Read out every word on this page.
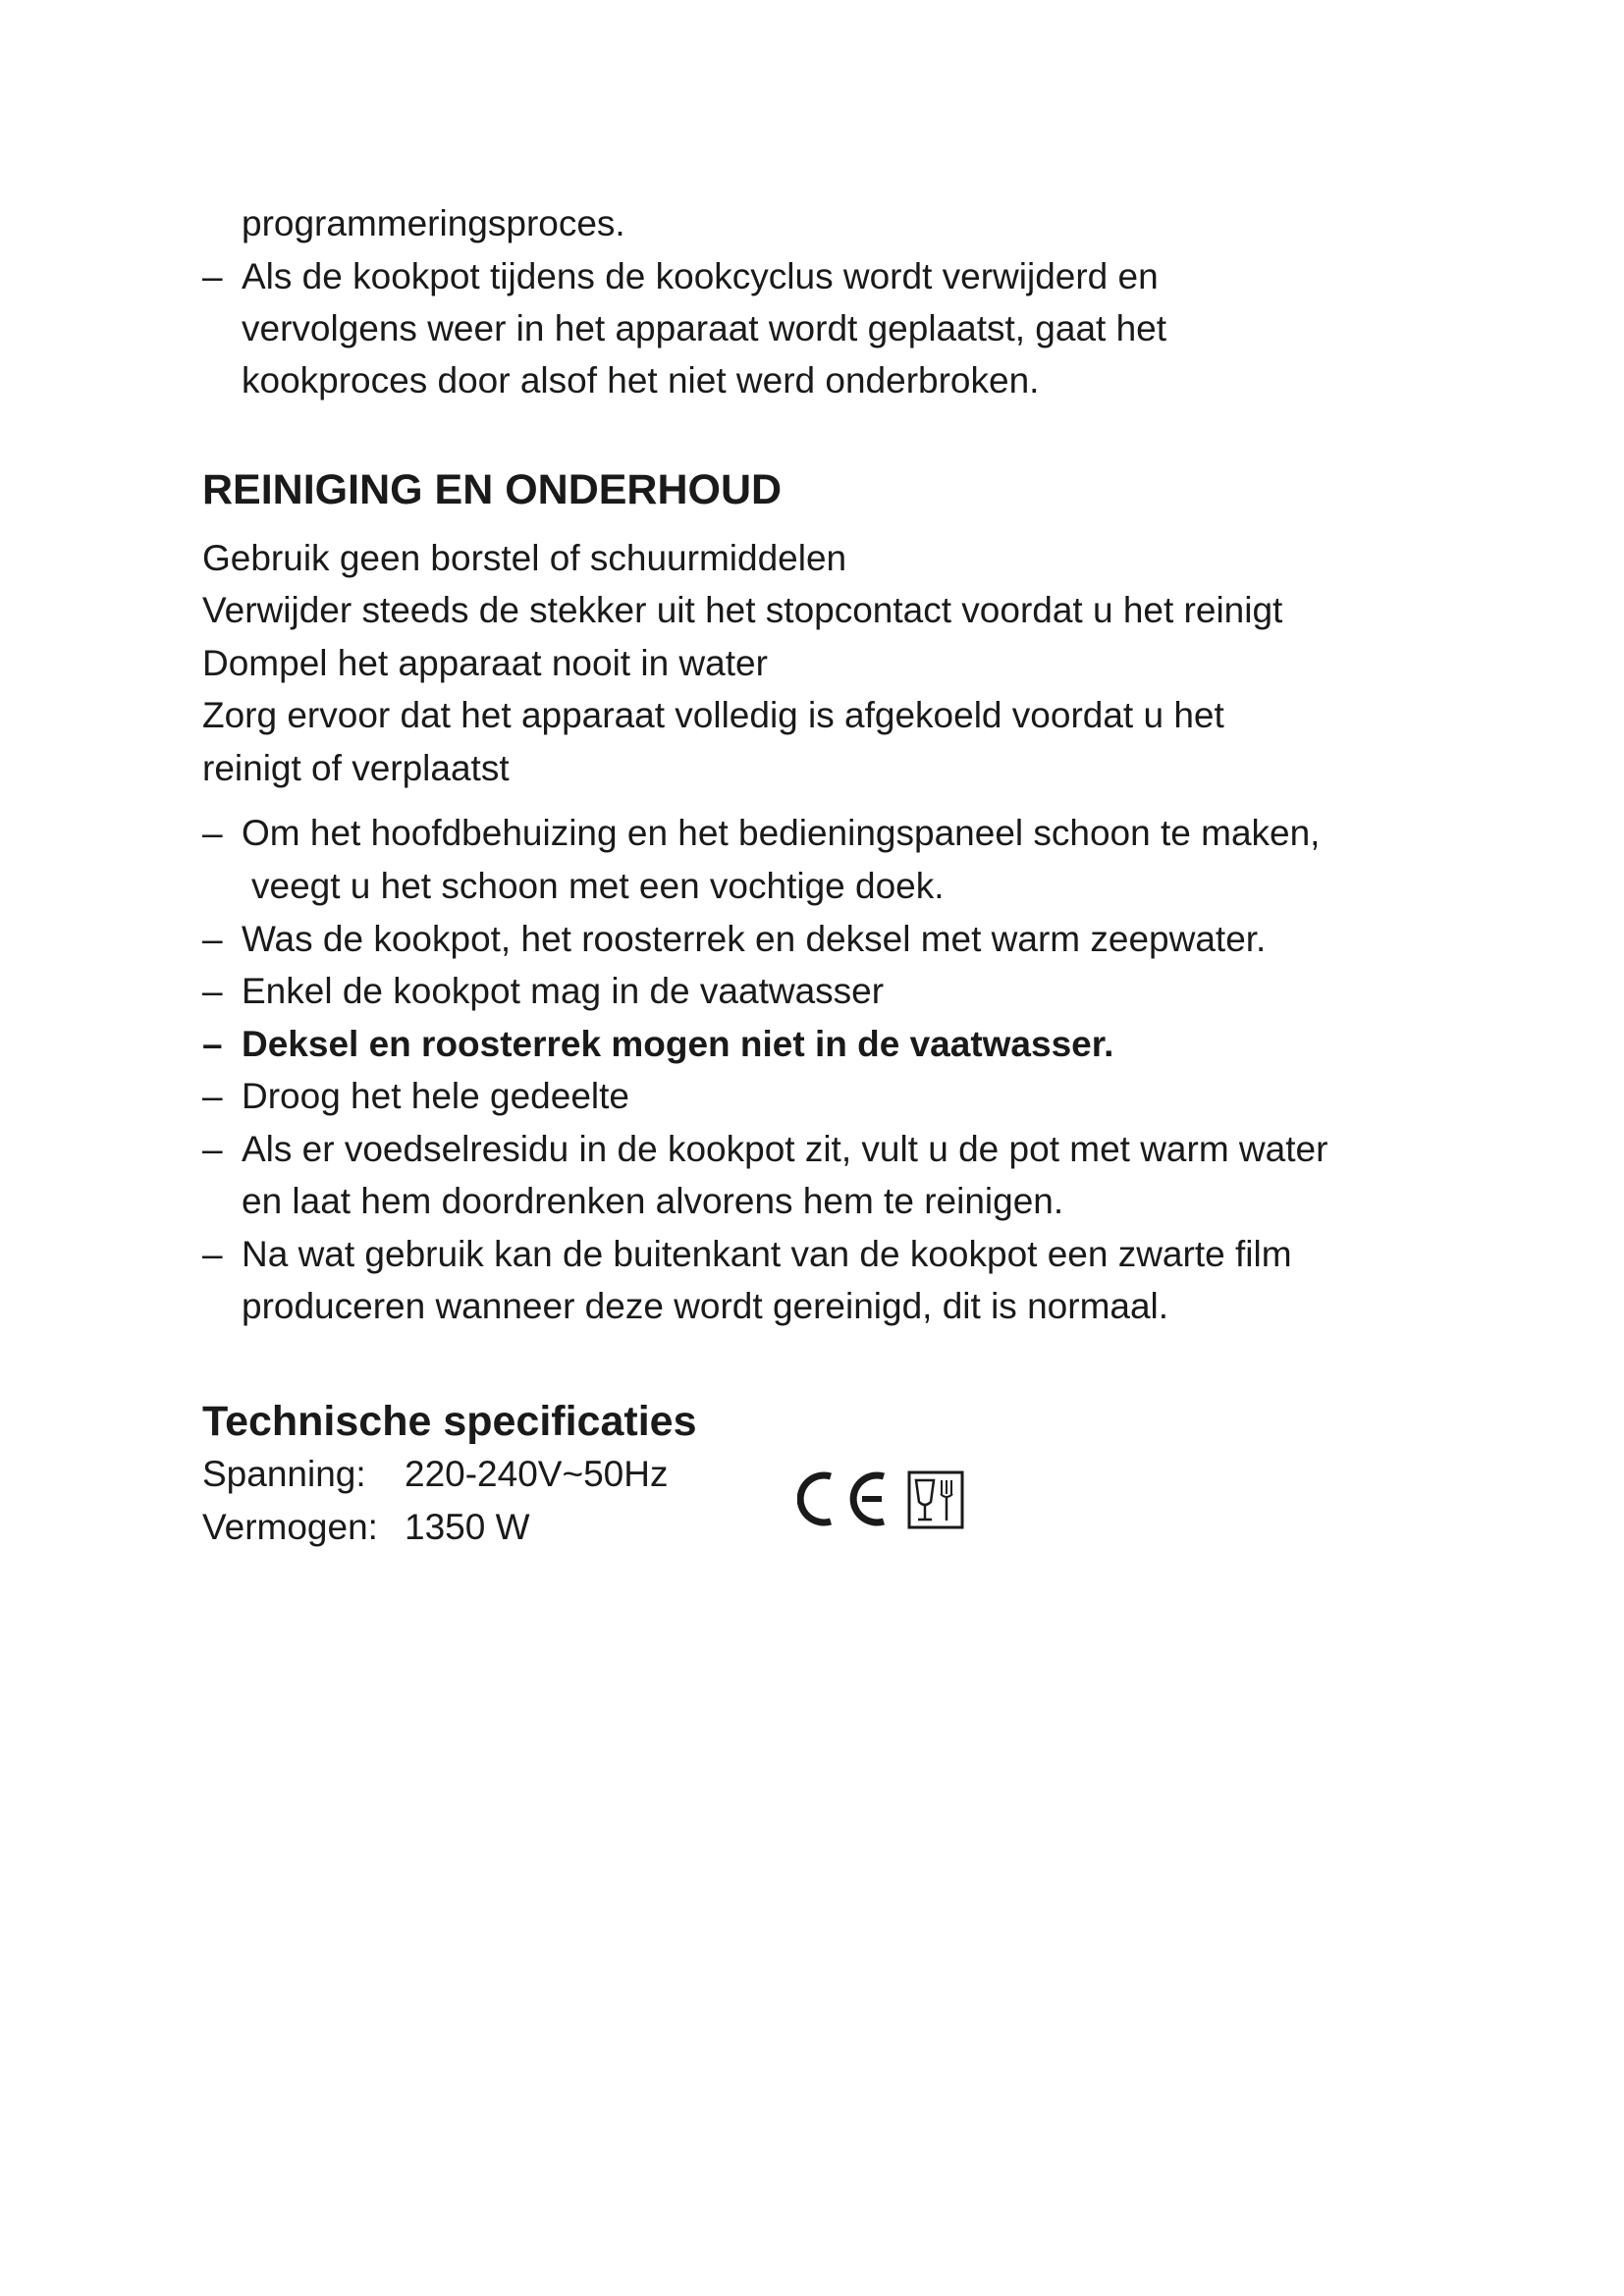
programmeringsproces.
– Als de kookpot tijdens de kookcyclus wordt verwijderd en
vervolgens weer in het apparaat wordt geplaatst, gaat het
kookproces door alsof het niet werd onderbroken.
REINIGING EN ONDERHOUD
Gebruik geen borstel of schuurmiddelen
Verwijder steeds de stekker uit het stopcontact voordat u het reinigt
Dompel het apparaat nooit in water
Zorg ervoor dat het apparaat volledig is afgekoeld voordat u het
reinigt of verplaatst
– Om het hoofdbehuizing en het bedieningspaneel schoon te maken,
veegt u het schoon met een vochtige doek.
– Was de kookpot, het roosterrek en deksel met warm zeepwater.
– Enkel de kookpot mag in de vaatwasser
– Deksel en roosterrek mogen niet in de vaatwasser.
– Droog het hele gedeelte
– Als er voedselresidu in de kookpot zit, vult u de pot met warm water
en laat hem doordrenken alvorens hem te reinigen.
– Na wat gebruik kan de buitenkant van de kookpot een zwarte film
produceren wanneer deze wordt gereinigd, dit is normaal.
Technische specificaties
Spanning: 220-240V~50Hz
Vermogen: 1350 W
